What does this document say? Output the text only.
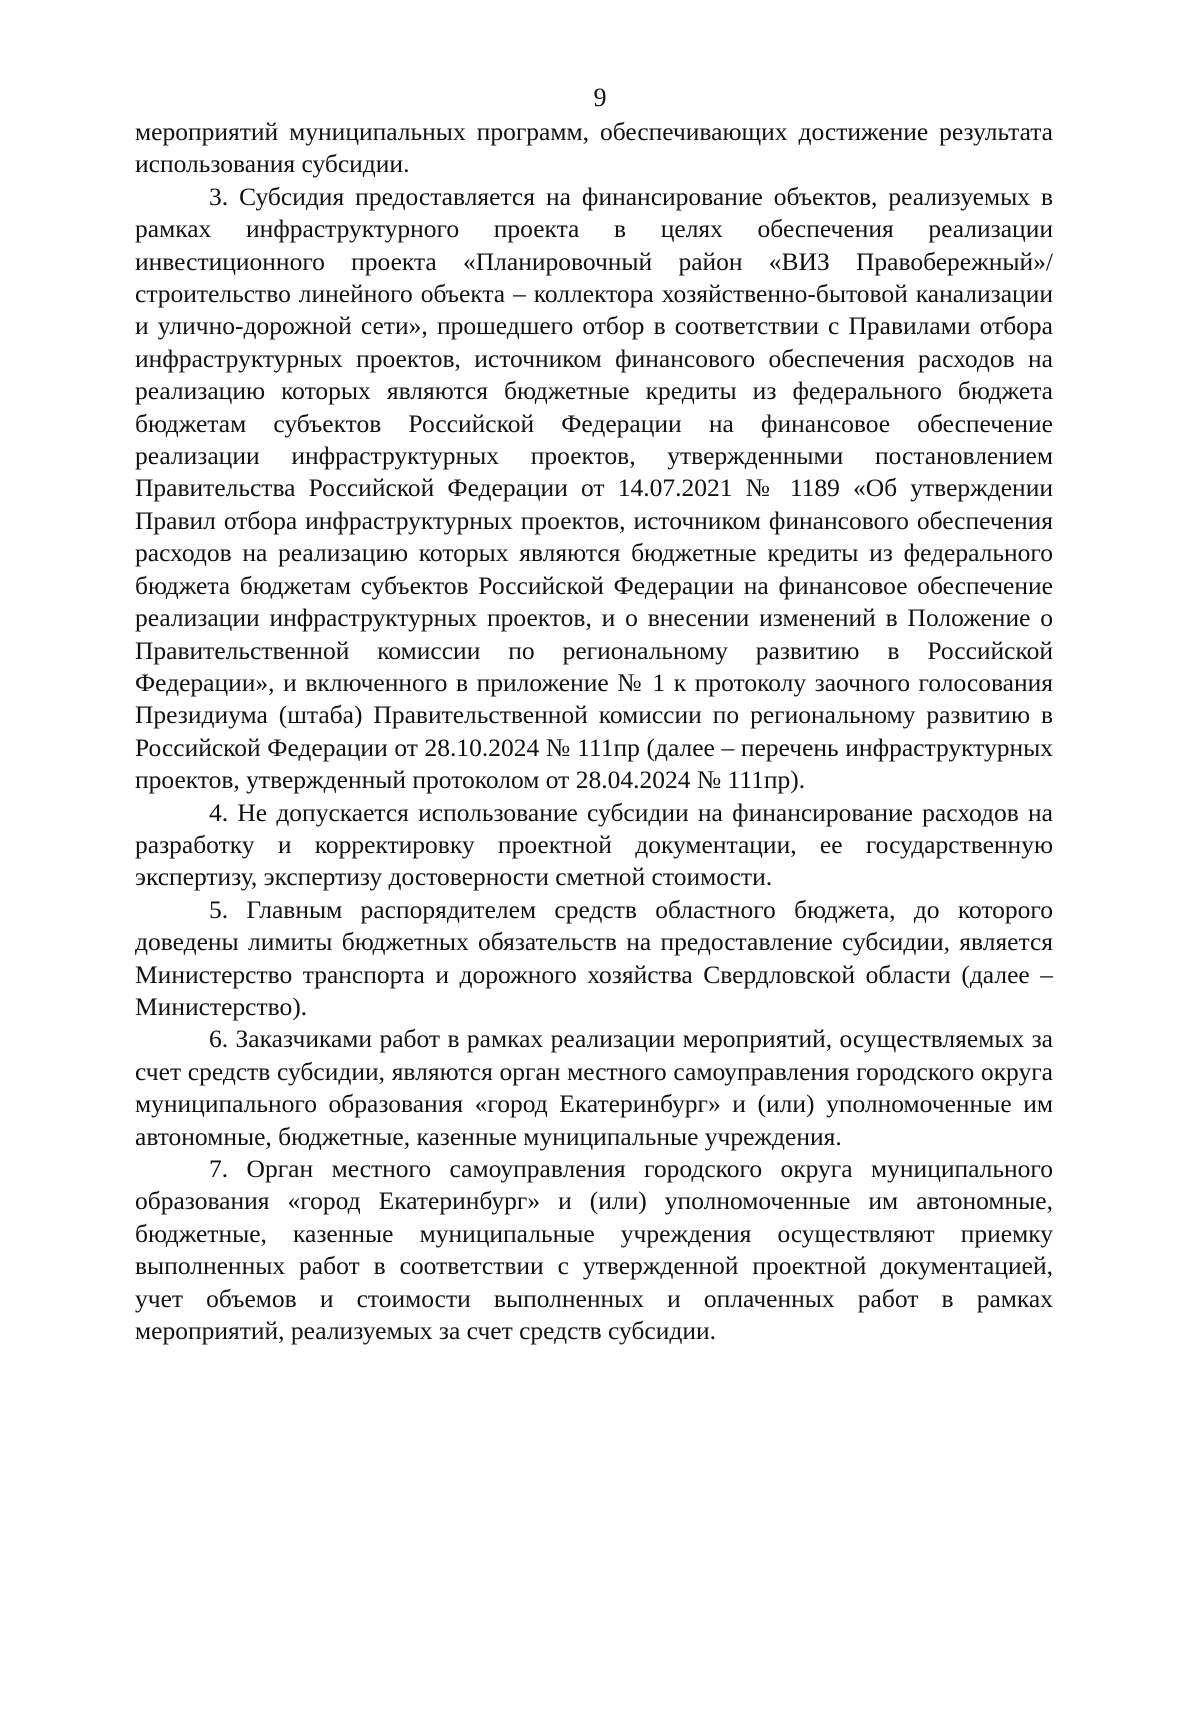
9

мероприятий муниципальных программ, обеспечивающих достижение результата использования субсидии.

3. Субсидия предоставляется на финансирование объектов, реализуемых в рамках инфраструктурного проекта в целях обеспечения реализации инвестиционного проекта «Планировочный район «ВИЗ Правобережный»/ строительство линейного объекта – коллектора хозяйственно-бытовой канализации и улично-дорожной сети», прошедшего отбор в соответствии с Правилами отбора инфраструктурных проектов, источником финансового обеспечения расходов на реализацию которых являются бюджетные кредиты из федерального бюджета бюджетам субъектов Российской Федерации на финансовое обеспечение реализации инфраструктурных проектов, утвержденными постановлением Правительства Российской Федерации от 14.07.2021 № 1189 «Об утверждении Правил отбора инфраструктурных проектов, источником финансового обеспечения расходов на реализацию которых являются бюджетные кредиты из федерального бюджета бюджетам субъектов Российской Федерации на финансовое обеспечение реализации инфраструктурных проектов, и о внесении изменений в Положение о Правительственной комиссии по региональному развитию в Российской Федерации», и включенного в приложение № 1 к протоколу заочного голосования Президиума (штаба) Правительственной комиссии по региональному развитию в Российской Федерации от 28.10.2024 № 111пр (далее – перечень инфраструктурных проектов, утвержденный протоколом от 28.04.2024 № 111пр).

4. Не допускается использование субсидии на финансирование расходов на разработку и корректировку проектной документации, ее государственную экспертизу, экспертизу достоверности сметной стоимости.

5. Главным распорядителем средств областного бюджета, до которого доведены лимиты бюджетных обязательств на предоставление субсидии, является Министерство транспорта и дорожного хозяйства Свердловской области (далее – Министерство).

6. Заказчиками работ в рамках реализации мероприятий, осуществляемых за счет средств субсидии, являются орган местного самоуправления городского округа муниципального образования «город Екатеринбург» и (или) уполномоченные им автономные, бюджетные, казенные муниципальные учреждения.

7. Орган местного самоуправления городского округа муниципального образования «город Екатеринбург» и (или) уполномоченные им автономные, бюджетные, казенные муниципальные учреждения осуществляют приемку выполненных работ в соответствии с утвержденной проектной документацией, учет объемов и стоимости выполненных и оплаченных работ в рамках мероприятий, реализуемых за счет средств субсидии.
